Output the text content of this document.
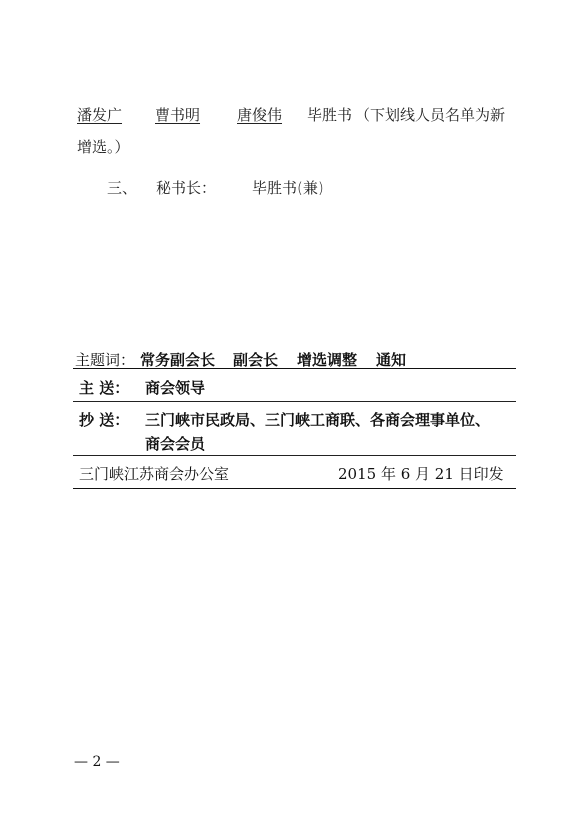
潘发广 曹书明 唐俊伟 毕胜书 （下划线人员名单为新
增选。）
三、 秘书长： 毕胜书(兼)
主题词： 常务副会长 副会长 增选调整 通知
主 送： 商会领导
抄 送： 三门峡市民政局、三门峡工商联、各商会理事单位、
商会会员
三门峡江苏商会办公室	2015 年 6 月 21 日印发
— 2 —
